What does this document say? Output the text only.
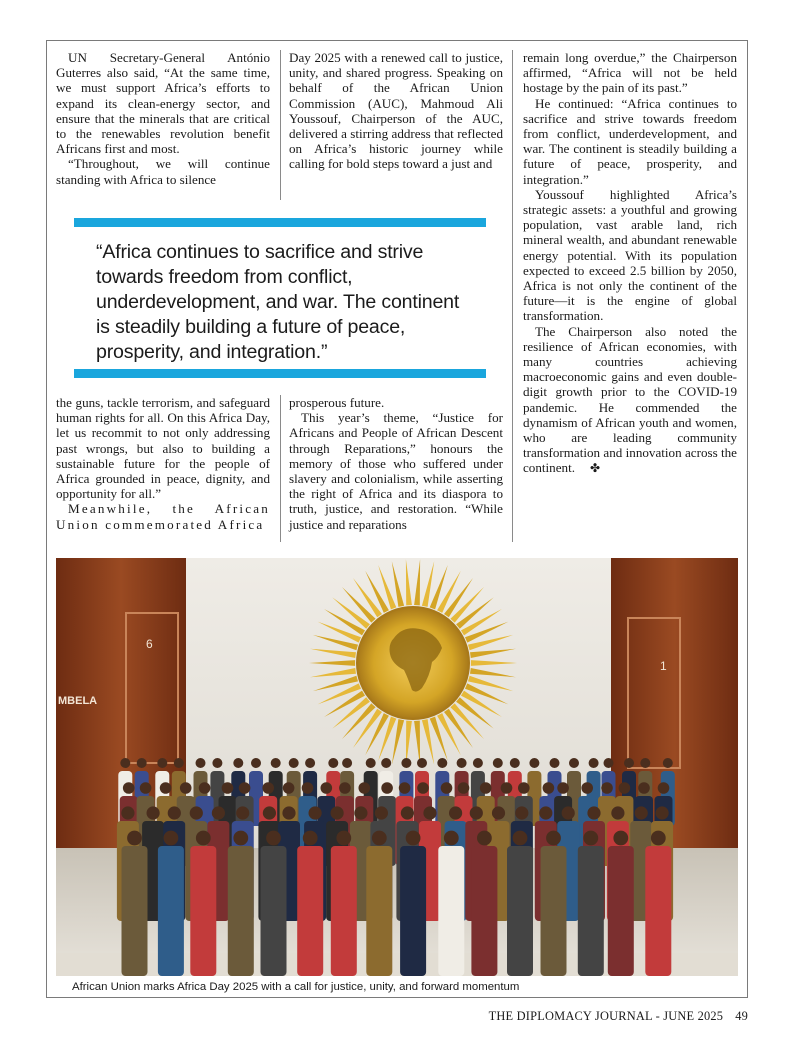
UN Secretary-General António Guterres also said, “At the same time, we must support Africa’s efforts to expand its clean-energy sector, and ensure that the minerals that are critical to the renewables revolution benefit Africans first and most.

“Throughout, we will continue standing with Africa to silence

Day 2025 with a renewed call to justice, unity, and shared progress. Speaking on behalf of the African Union Commission (AUC), Mahmoud Ali Youssouf, Chairperson of the AUC, delivered a stirring address that reflected on Africa’s historic journey while calling for bold steps toward a just and

“Africa continues to sacrifice and strive towards freedom from conflict, underdevelopment, and war. The continent is steadily building a future of peace, prosperity, and integration.”

the guns, tackle terrorism, and safeguard human rights for all. On this Africa Day, let us recommit to not only addressing past wrongs, but also to building a sustainable future for the people of Africa grounded in peace, dignity, and opportunity for all.”

Meanwhile, the African Union commemorated Africa

prosperous future.

This year’s theme, “Justice for Africans and People of African Descent through Reparations,” honours the memory of those who suffered under slavery and colonialism, while asserting the right of Africa and its diaspora to truth, justice, and restoration. “While justice and reparations

remain long overdue,” the Chairperson affirmed, “Africa will not be held hostage by the pain of its past.”

He continued: “Africa continues to sacrifice and strive towards freedom from conflict, underdevelopment, and war. The continent is steadily building a future of peace, prosperity, and integration.”

Youssouf highlighted Africa’s strategic assets: a youthful and growing population, vast arable land, rich mineral wealth, and abundant renewable energy potential. With its population expected to exceed 2.5 billion by 2050, Africa is not only the continent of the future—it is the engine of global transformation.

The Chairperson also noted the resilience of African economies, with many countries achieving macroeconomic gains and even double-digit growth prior to the COVID-19 pandemic. He commended the dynamism of African youth and women, who are leading community transformation and innovation across the continent. ✤

6
1
MBELA
African Union marks Africa Day 2025 with a call for justice, unity, and forward momentum
THE DIPLOMACY JOURNAL - JUNE 2025 49
